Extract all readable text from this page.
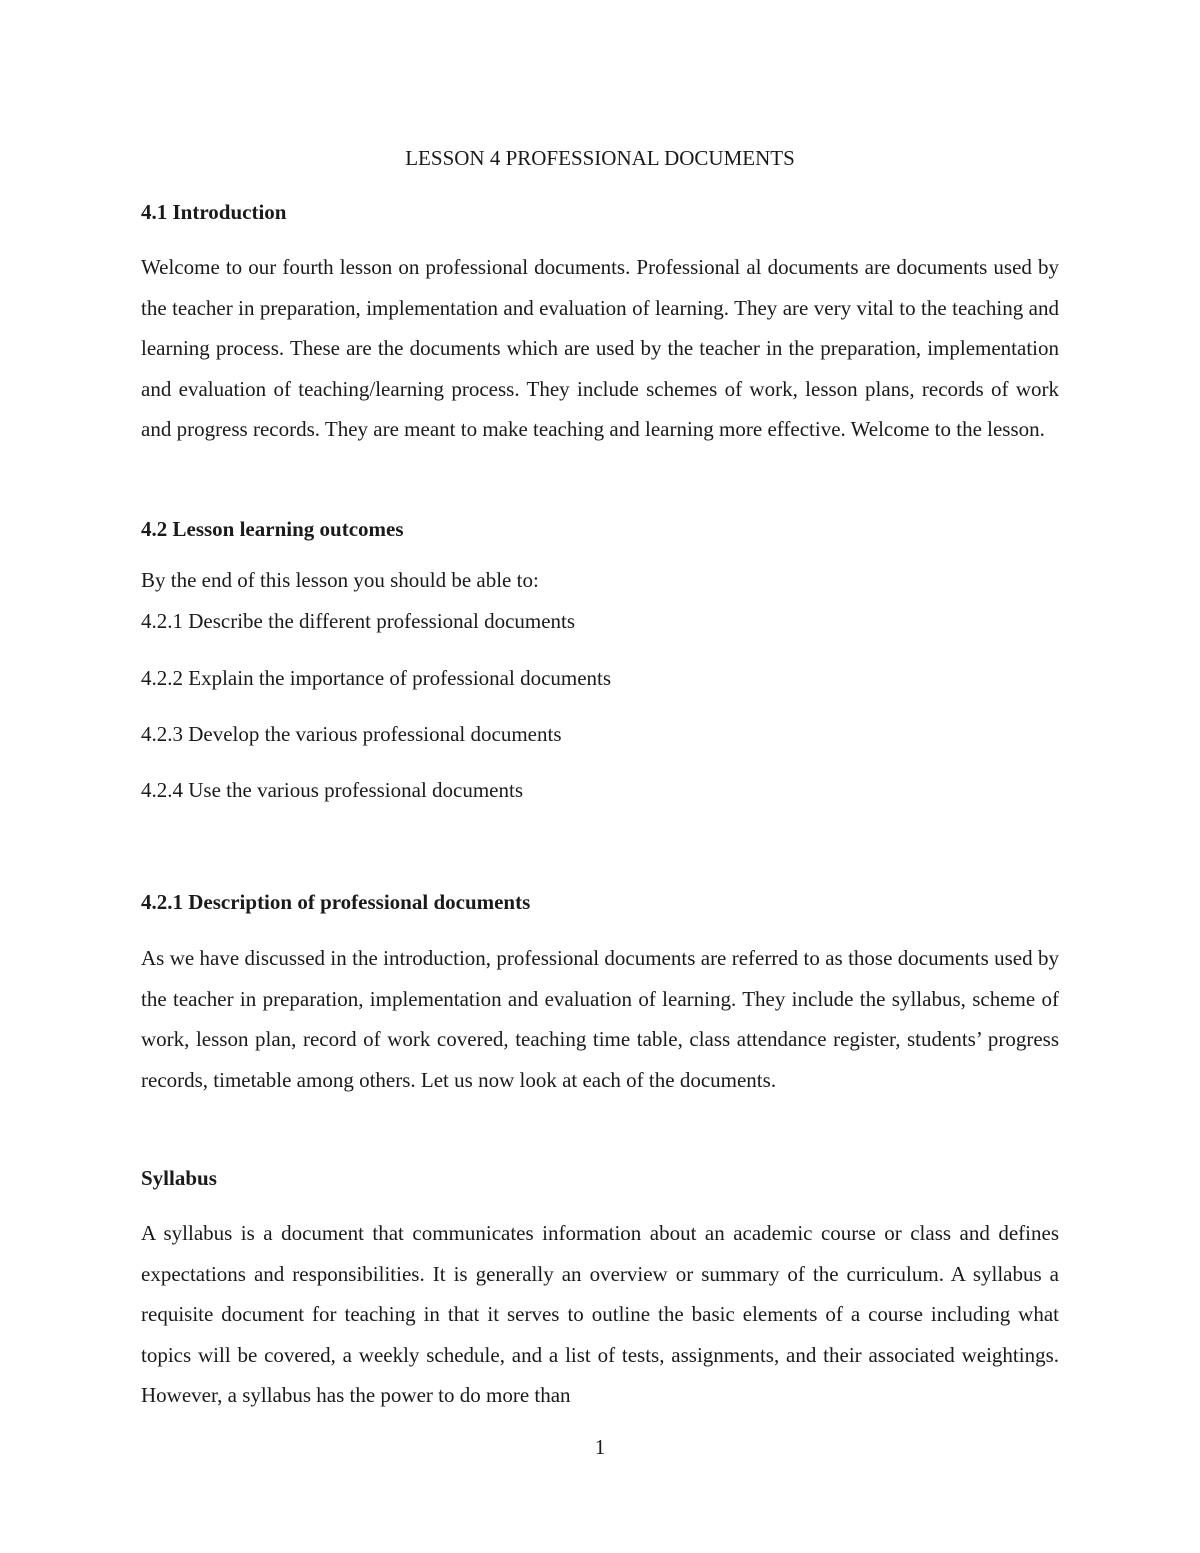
LESSON 4 PROFESSIONAL DOCUMENTS
4.1 Introduction

Welcome to our fourth lesson on professional documents. Professional al documents are documents used by the teacher in preparation, implementation and evaluation of learning. They are very vital to the teaching and learning process. These are the documents which are used by the teacher in the preparation, implementation and evaluation of teaching/learning process. They include schemes of work, lesson plans, records of work and progress records. They are meant to make teaching and learning more effective. Welcome to the lesson.

4.2 Lesson learning outcomes
By the end of this lesson you should be able to:
4.2.1 Describe the different professional documents
4.2.2 Explain the importance of professional documents
4.2.3 Develop the various professional documents
4.2.4 Use the various professional documents
4.2.1 Description of professional documents

As we have discussed in the introduction, professional documents are referred to as those documents used by the teacher in preparation, implementation and evaluation of learning. They include the syllabus, scheme of work, lesson plan, record of work covered, teaching time table, class attendance register, students’ progress records, timetable among others. Let us now look at each of the documents.

Syllabus

A syllabus is a document that communicates information about an academic course or class and defines expectations and responsibilities. It is generally an overview or summary of the curriculum. A syllabus a requisite document for teaching in that it serves to outline the basic elements of a course including what topics will be covered, a weekly schedule, and a list of tests, assignments, and their associated weightings. However, a syllabus has the power to do more than

1
